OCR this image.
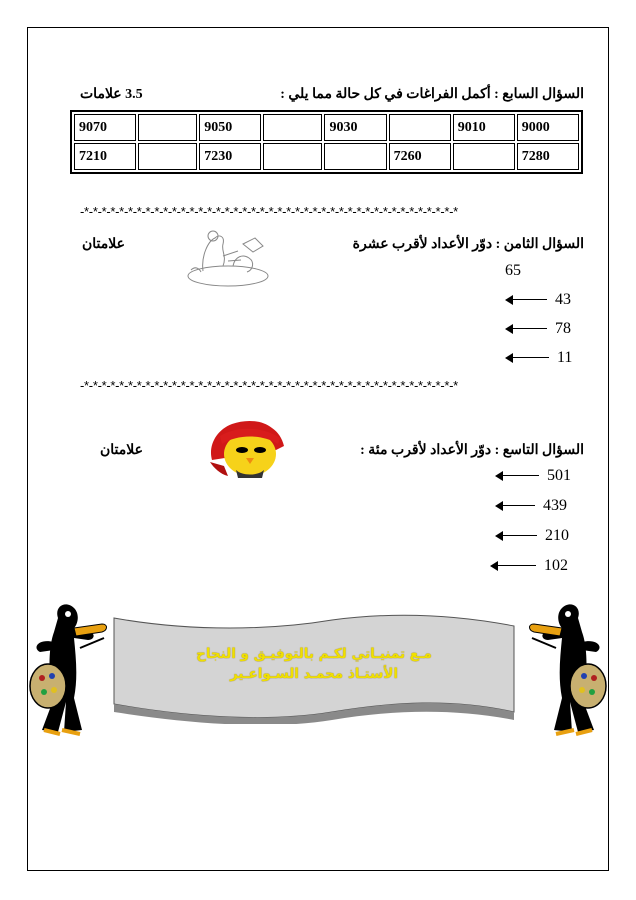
السؤال السابع : أكمل الفراغات في كل حالة مما يلي :
3.5 علامات
9070		9050		9030		9010	9000
7210		7230			7260		7280
-*-*-*-*-*-*-*-*-*-*-*-*-*-*-*-*-*-*-*-*-*-*-*-*-*-*-*-*-*-*-*-*-*-*-*-*-*-*-*-*-*-*-*
السؤال الثامن : دوّر الأعداد لأقرب عشرة
علامتان
65
43
78
11
-*-*-*-*-*-*-*-*-*-*-*-*-*-*-*-*-*-*-*-*-*-*-*-*-*-*-*-*-*-*-*-*-*-*-*-*-*-*-*-*-*-*-*
السؤال التاسع : دوّر الأعداد لأقرب مئة :
علامتان
501
439
210
102
مـع تمنيـاتي لكـم بالتوفيـق و النجاح
الأستـاذ محمـد السـواعـير
